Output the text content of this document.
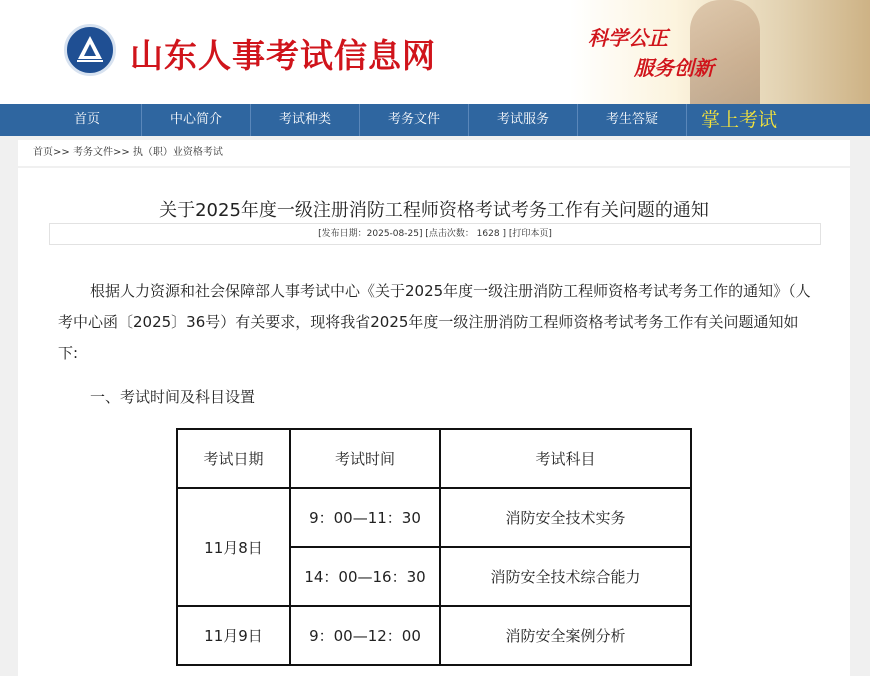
山东人事考试信息网	科学公正
服务创新
首页	中心简介	考试种类	考务文件	考试服务	考生答疑	掌上考试
首页>> 考务文件>> 执（职）业资格考试
关于2025年度一级注册消防工程师资格考试考务工作有关问题的通知
[发布日期：2025-08-25] [点击次数： 1628 ] [打印本页]
根据人力资源和社会保障部人事考试中心《关于2025年度一级注册消防工程师资格考试考务工作的通知》（人考中心函〔2025〕36号）有关要求，现将我省2025年度一级注册消防工程师资格考试考务工作有关问题通知如下:
一、考试时间及科目设置
考试日期	考试时间	考试科目
11月8日	9：00—11：30	消防安全技术实务
	14：00—16：30	消防安全技术综合能力
11月9日	9：00—12：00	消防安全案例分析
